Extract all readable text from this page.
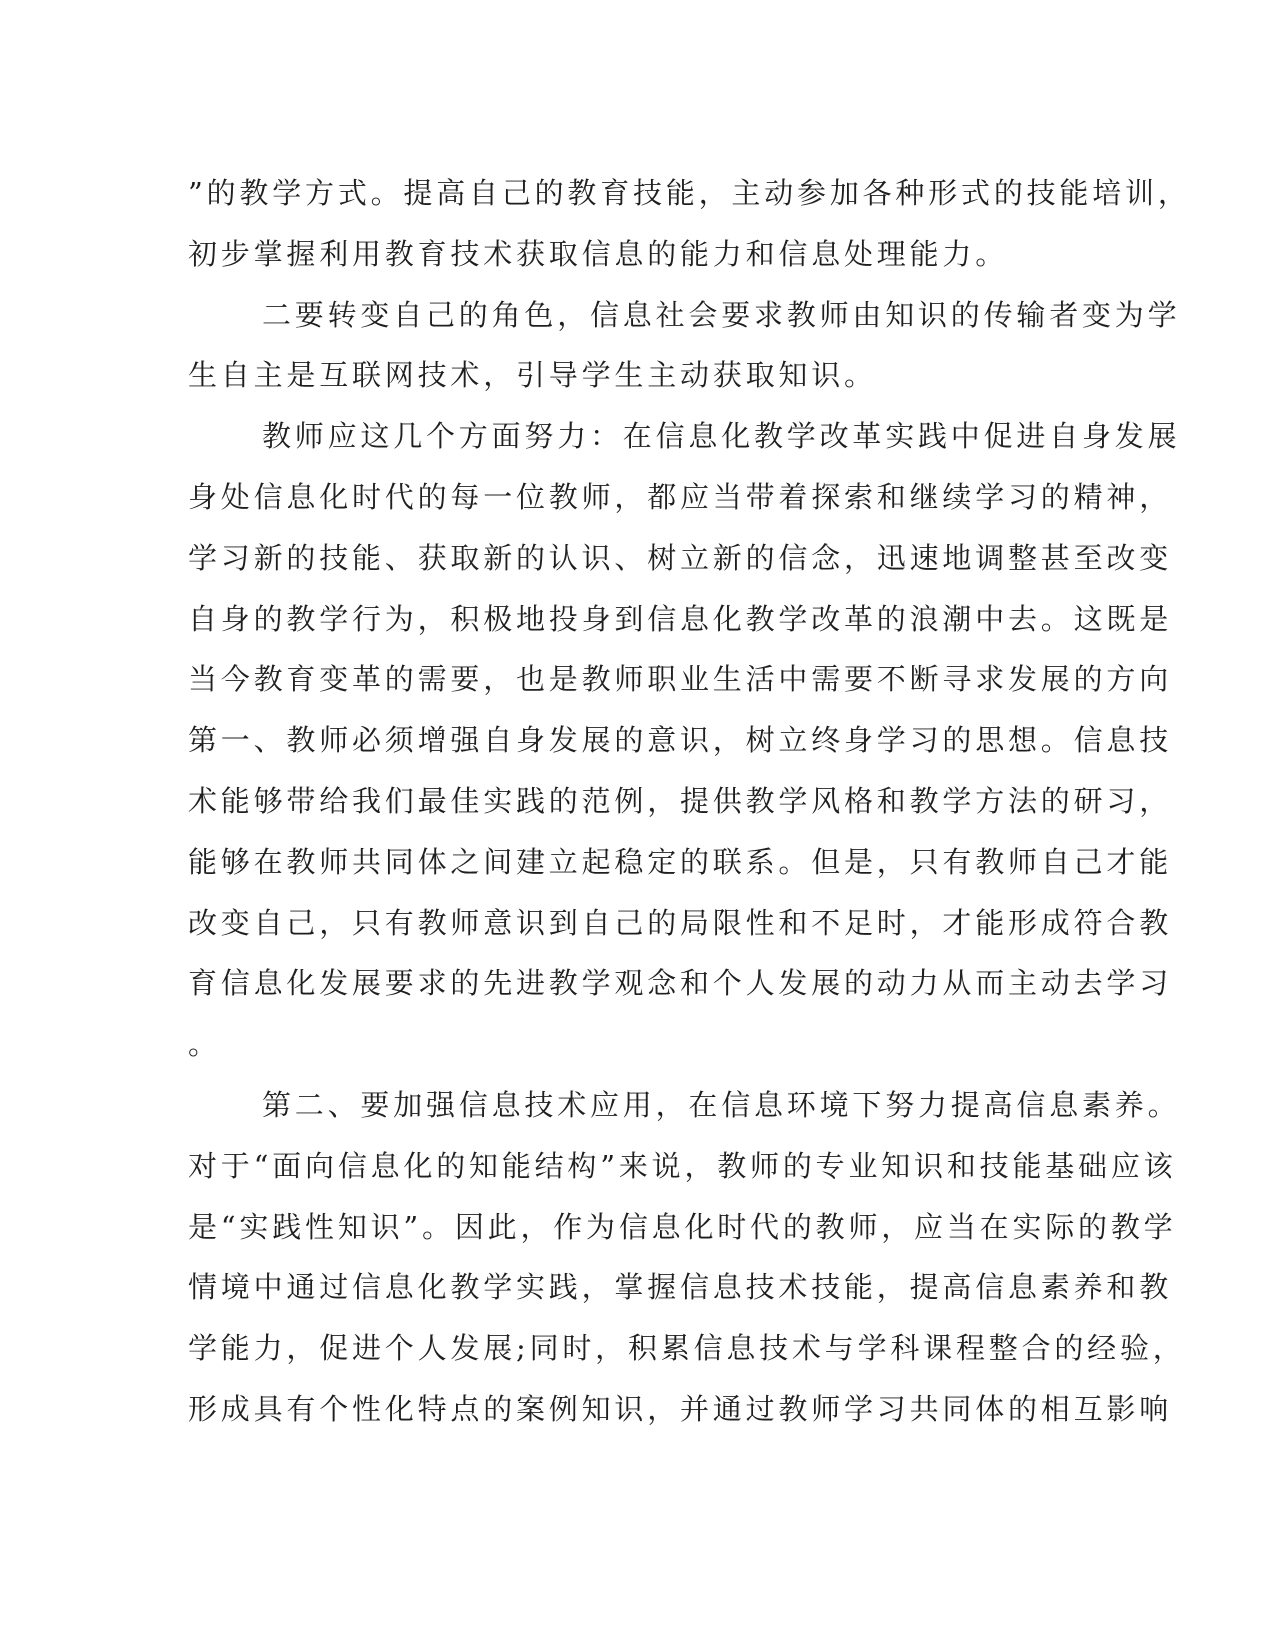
”的教学方式。提高自己的教育技能，主动参加各种形式的技能培训，
初步掌握利用教育技术获取信息的能力和信息处理能力。
二要转变自己的角色，信息社会要求教师由知识的传输者变为学
生自主是互联网技术，引导学生主动获取知识。
教师应这几个方面努力：在信息化教学改革实践中促进自身发展
身处信息化时代的每一位教师，都应当带着探索和继续学习的精神，
学习新的技能、获取新的认识、树立新的信念，迅速地调整甚至改变
自身的教学行为，积极地投身到信息化教学改革的浪潮中去。这既是
当今教育变革的需要，也是教师职业生活中需要不断寻求发展的方向
第一、教师必须增强自身发展的意识，树立终身学习的思想。信息技
术能够带给我们最佳实践的范例，提供教学风格和教学方法的研习，
能够在教师共同体之间建立起稳定的联系。但是，只有教师自己才能
改变自己，只有教师意识到自己的局限性和不足时，才能形成符合教
育信息化发展要求的先进教学观念和个人发展的动力从而主动去学习
。
第二、要加强信息技术应用，在信息环境下努力提高信息素养。
对于“面向信息化的知能结构”来说，教师的专业知识和技能基础应该
是“实践性知识”。因此，作为信息化时代的教师，应当在实际的教学
情境中通过信息化教学实践，掌握信息技术技能，提高信息素养和教
学能力，促进个人发展;同时，积累信息技术与学科课程整合的经验，
形成具有个性化特点的案例知识，并通过教师学习共同体的相互影响
